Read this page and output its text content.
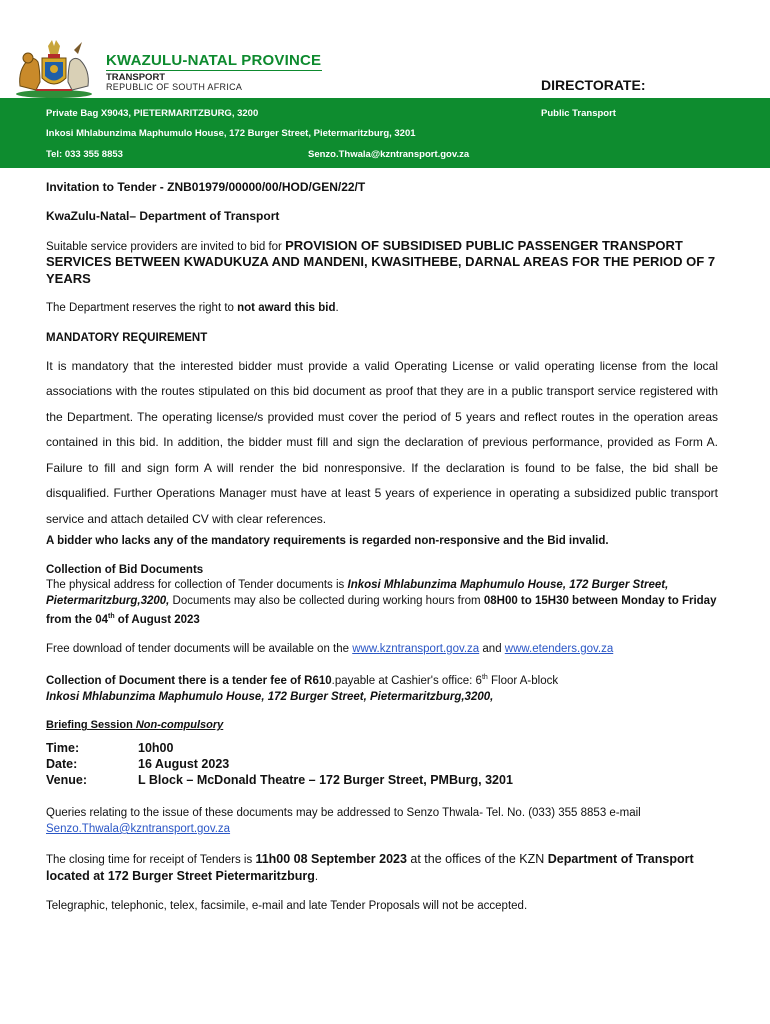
KWAZULU-NATAL PROVINCE
TRANSPORT
REPUBLIC OF SOUTH AFRICA	DIRECTORATE:
Private Bag X9043, PIETERMARITZBURG, 3200	Public Transport
Inkosi Mhlabunzima Maphumulo House, 172 Burger Street, Pietermaritzburg, 3201
Tel: 033 355 8853	Senzo.Thwala@kzntransport.gov.za

Invitation to Tender - ZNB01979/00000/00/HOD/GEN/22/T

KwaZulu-Natal– Department of Transport

Suitable service providers are invited to bid for PROVISION OF SUBSIDISED PUBLIC PASSENGER TRANSPORT SERVICES BETWEEN KWADUKUZA AND MANDENI, KWASITHEBE, DARNAL AREAS FOR THE PERIOD OF 7 YEARS

The Department reserves the right to not award this bid.

MANDATORY REQUIREMENT

It is mandatory that the interested bidder must provide a valid Operating License or valid operating license from the local associations with the routes stipulated on this bid document as proof that they are in a public transport service registered with the Department. The operating license/s provided must cover the period of 5 years and reflect routes in the operation areas contained in this bid. In addition, the bidder must fill and sign the declaration of previous performance, provided as Form A. Failure to fill and sign form A will render the bid nonresponsive. If the declaration is found to be false, the bid shall be disqualified. Further Operations Manager must have at least 5 years of experience in operating a subsidized public transport service and attach detailed CV with clear references.

A bidder who lacks any of the mandatory requirements is regarded non-responsive and the Bid invalid.

Collection of Bid Documents

The physical address for collection of Tender documents is Inkosi Mhlabunzima Maphumulo House, 172 Burger Street, Pietermaritzburg,3200, Documents may also be collected during working hours from 08H00 to 15H30 between Monday to Friday from the 04th of August 2023

Free download of tender documents will be available on the www.kzntransport.gov.za and www.etenders.gov.za

Collection of Document there is a tender fee of R610.payable at Cashier's office: 6th Floor A-block
Inkosi Mhlabunzima Maphumulo House, 172 Burger Street, Pietermaritzburg,3200,

Briefing Session Non-compulsory

Time:	10h00
Date:	16 August 2023
Venue:	L Block – McDonald Theatre – 172 Burger Street, PMBurg, 3201

Queries relating to the issue of these documents may be addressed to Senzo Thwala- Tel. No. (033) 355 8853 e-mail
Senzo.Thwala@kzntransport.gov.za

The closing time for receipt of Tenders is 11h00 08 September 2023 at the offices of the KZN Department of Transport located at 172 Burger Street Pietermaritzburg.

Telegraphic, telephonic, telex, facsimile, e-mail and late Tender Proposals will not be accepted.
